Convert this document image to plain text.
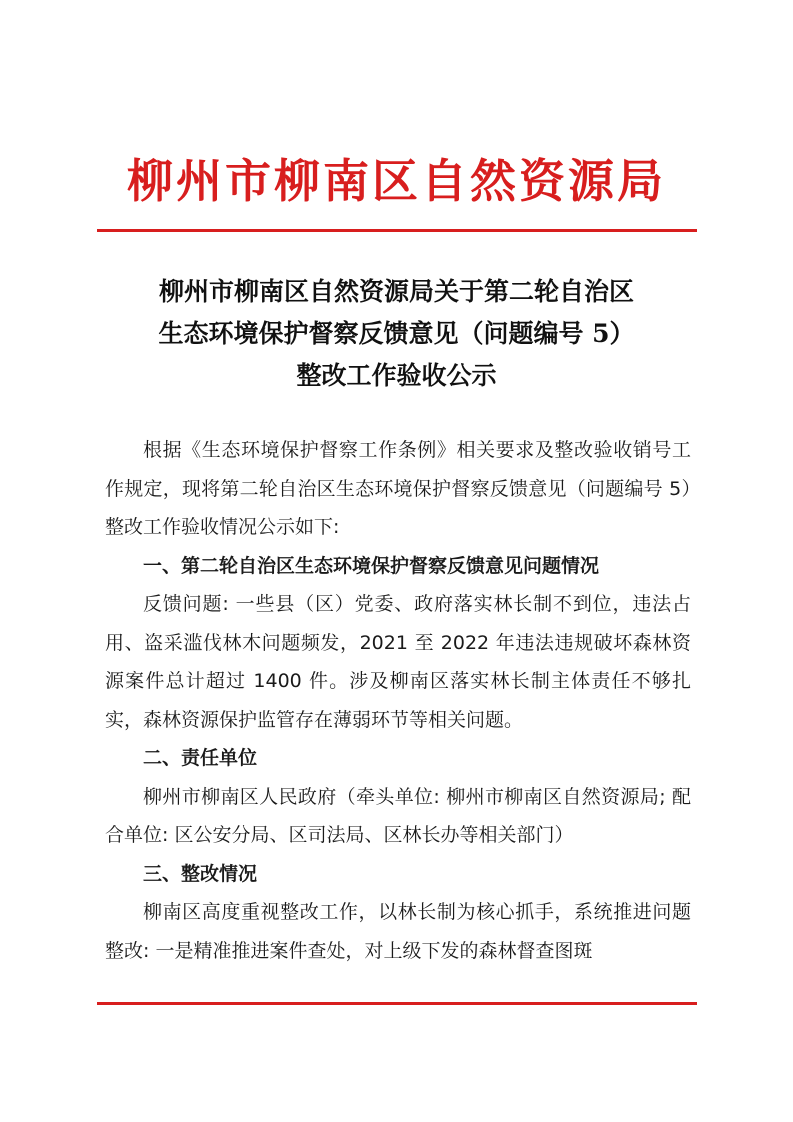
柳州市柳南区自然资源局
柳州市柳南区自然资源局关于第二轮自治区
生态环境保护督察反馈意见（问题编号 5）
整改工作验收公示

根据《生态环境保护督察工作条例》相关要求及整改验收销号工作规定，现将第二轮自治区生态环境保护督察反馈意见（问题编号 5）整改工作验收情况公示如下:

一、第二轮自治区生态环境保护督察反馈意见问题情况

反馈问题: 一些县（区）党委、政府落实林长制不到位，违法占用、盗采滥伐林木问题频发，2021 至 2022 年违法违规破坏森林资源案件总计超过 1400 件。涉及柳南区落实林长制主体责任不够扎实，森林资源保护监管存在薄弱环节等相关问题。

二、责任单位

柳州市柳南区人民政府（牵头单位: 柳州市柳南区自然资源局; 配合单位: 区公安分局、区司法局、区林长办等相关部门）

三、整改情况

柳南区高度重视整改工作，以林长制为核心抓手，系统推进问题整改: 一是精准推进案件查处，对上级下发的森林督查图斑
